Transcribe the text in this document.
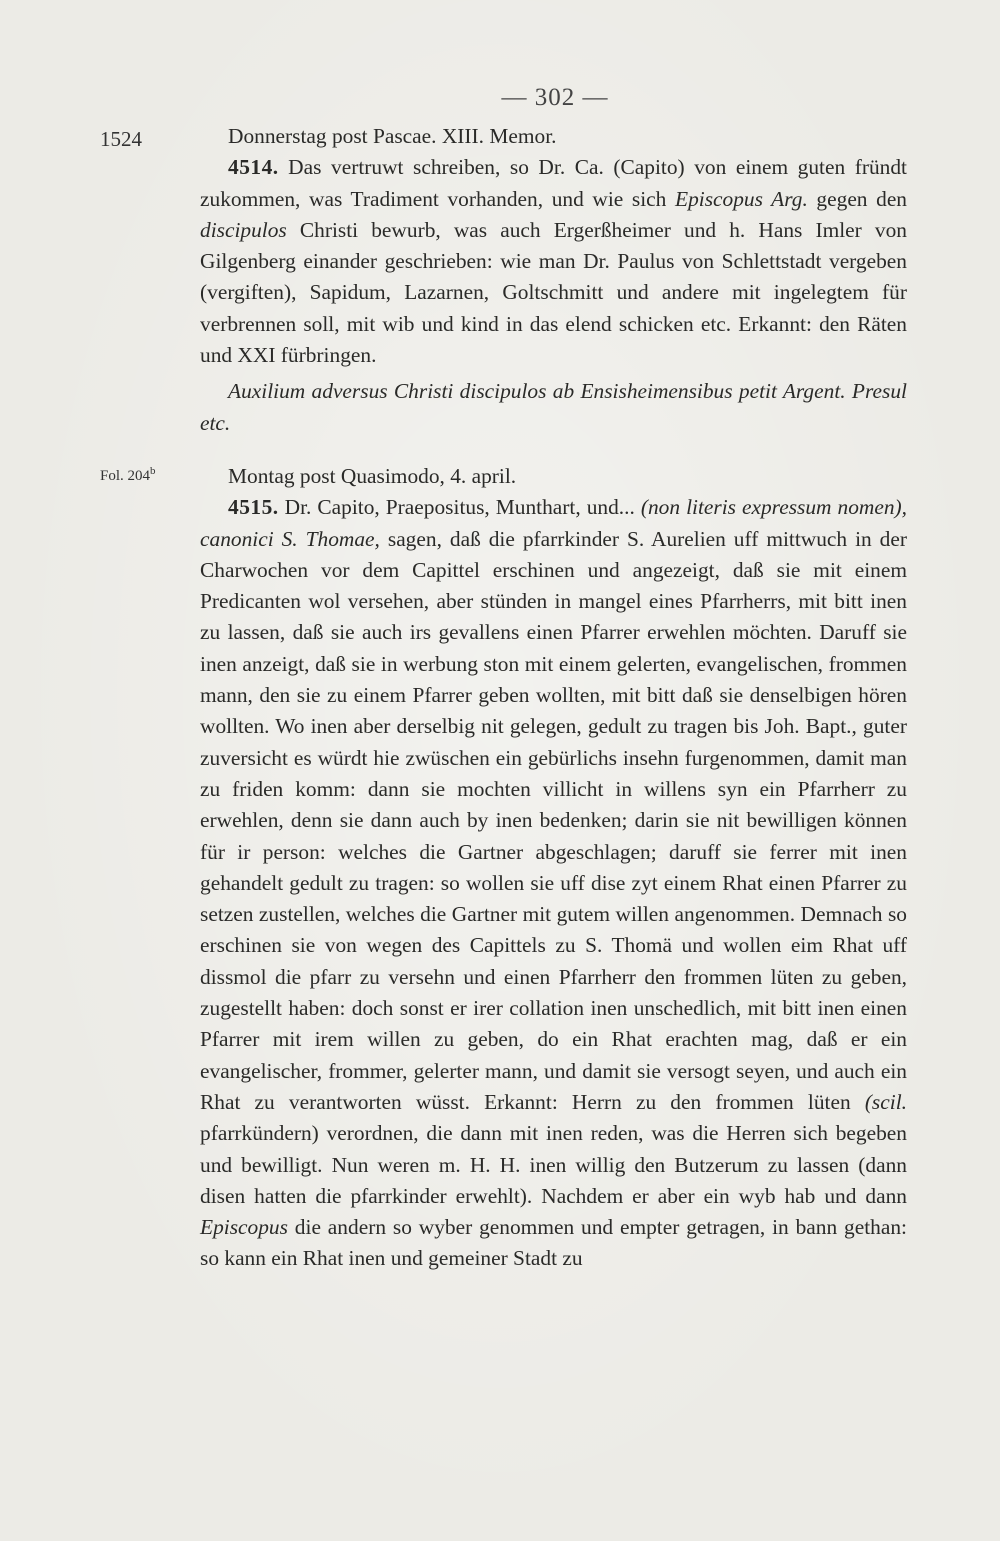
— 302 —
1524
Fol. 204$^b$

Donnerstag post Pascae. XIII. Memor.

4514. Das vertruwt schreiben, so Dr. Ca. (Capito) von einem guten fründt zukommen, was Tradiment vorhanden, und wie sich Episcopus Arg. gegen den discipulos Christi bewurb, was auch Ergerßheimer und h. Hans Imler von Gilgenberg einander geschrieben: wie man Dr. Paulus von Schlettstadt vergeben (vergiften), Sapidum, Lazarnen, Goltschmitt und andere mit ingelegtem für verbrennen soll, mit wib und kind in das elend schicken etc. Erkannt: den Räten und XXI fürbringen.

Auxilium adversus Christi discipulos ab Ensisheimensibus petit Argent. Presul etc.

Montag post Quasimodo, 4. april.

4515. Dr. Capito, Praepositus, Munthart, und... (non literis expressum nomen), canonici S. Thomae, sagen, daß die pfarrkinder S. Aurelien uff mittwuch in der Charwochen vor dem Capittel erschinen und angezeigt, daß sie mit einem Predicanten wol versehen, aber stünden in mangel eines Pfarrherrs, mit bitt inen zu lassen, daß sie auch irs gevallens einen Pfarrer erwehlen möchten. Daruff sie inen anzeigt, daß sie in werbung ston mit einem gelerten, evangelischen, frommen mann, den sie zu einem Pfarrer geben wollten, mit bitt daß sie denselbigen hören wollten. Wo inen aber derselbig nit gelegen, gedult zu tragen bis Joh. Bapt., guter zuversicht es würdt hie zwüschen ein gebürlichs insehn furgenommen, damit man zu friden komm: dann sie mochten villicht in willens syn ein Pfarrherr zu erwehlen, denn sie dann auch by inen bedenken; darin sie nit bewilligen können für ir person: welches die Gartner abgeschlagen; daruff sie ferrer mit inen gehandelt gedult zu tragen: so wollen sie uff dise zyt einem Rhat einen Pfarrer zu setzen zustellen, welches die Gartner mit gutem willen angenommen. Demnach so erschinen sie von wegen des Capittels zu S. Thomä und wollen eim Rhat uff dissmol die pfarr zu versehn und einen Pfarrherr den frommen lüten zu geben, zugestellt haben: doch sonst er irer collation inen unschedlich, mit bitt inen einen Pfarrer mit irem willen zu geben, do ein Rhat erachten mag, daß er ein evangelischer, frommer, gelerter mann, und damit sie versogt seyen, und auch ein Rhat zu verantworten wüsst. Erkannt: Herrn zu den frommen lüten (scil. pfarrkündern) verordnen, die dann mit inen reden, was die Herren sich begeben und bewilligt. Nun weren m. H. H. inen willig den Butzerum zu lassen (dann disen hatten die pfarrkinder erwehlt). Nachdem er aber ein wyb hab und dann Episcopus die andern so wyber genommen und empter getragen, in bann gethan: so kann ein Rhat inen und gemeiner Stadt zu
